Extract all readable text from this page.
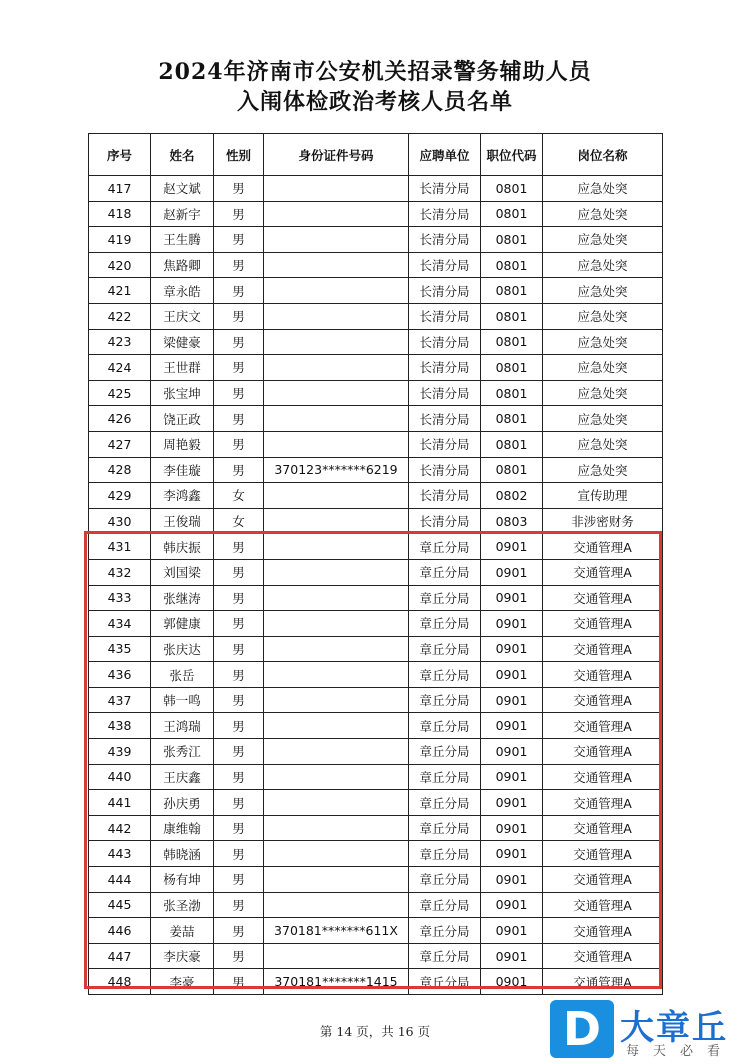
2024年济南市公安机关招录警务辅助人员
入闱体检政治考核人员名单
序号	姓名	性别	身份证件号码	应聘单位	职位代码	岗位名称
417	赵文斌	男		长清分局	0801	应急处突
418	赵新宇	男		长清分局	0801	应急处突
419	王生腾	男		长清分局	0801	应急处突
420	焦路卿	男		长清分局	0801	应急处突
421	章永皓	男		长清分局	0801	应急处突
422	王庆文	男		长清分局	0801	应急处突
423	梁健豪	男		长清分局	0801	应急处突
424	王世群	男		长清分局	0801	应急处突
425	张宝坤	男		长清分局	0801	应急处突
426	饶正政	男		长清分局	0801	应急处突
427	周艳毅	男		长清分局	0801	应急处突
428	李佳璇	男	370123*******6219	长清分局	0801	应急处突
429	李鸿鑫	女		长清分局	0802	宣传助理
430	王俊瑞	女		长清分局	0803	非涉密财务
431	韩庆振	男		章丘分局	0901	交通管理A
432	刘国梁	男		章丘分局	0901	交通管理A
433	张继涛	男		章丘分局	0901	交通管理A
434	郭健康	男		章丘分局	0901	交通管理A
435	张庆达	男		章丘分局	0901	交通管理A
436	张岳	男		章丘分局	0901	交通管理A
437	韩一鸣	男		章丘分局	0901	交通管理A
438	王鸿瑞	男		章丘分局	0901	交通管理A
439	张秀江	男		章丘分局	0901	交通管理A
440	王庆鑫	男		章丘分局	0901	交通管理A
441	孙庆勇	男		章丘分局	0901	交通管理A
442	康维翰	男		章丘分局	0901	交通管理A
443	韩晓涵	男		章丘分局	0901	交通管理A
444	杨有坤	男		章丘分局	0901	交通管理A
445	张圣渤	男		章丘分局	0901	交通管理A
446	姜喆	男	370181*******611X	章丘分局	0901	交通管理A
447	李庆豪	男		章丘分局	0901	交通管理A
448	李豪	男	370181*******1415	章丘分局	0901	交通管理A
第 14 页，共 16 页	D 大章丘
每天必看
